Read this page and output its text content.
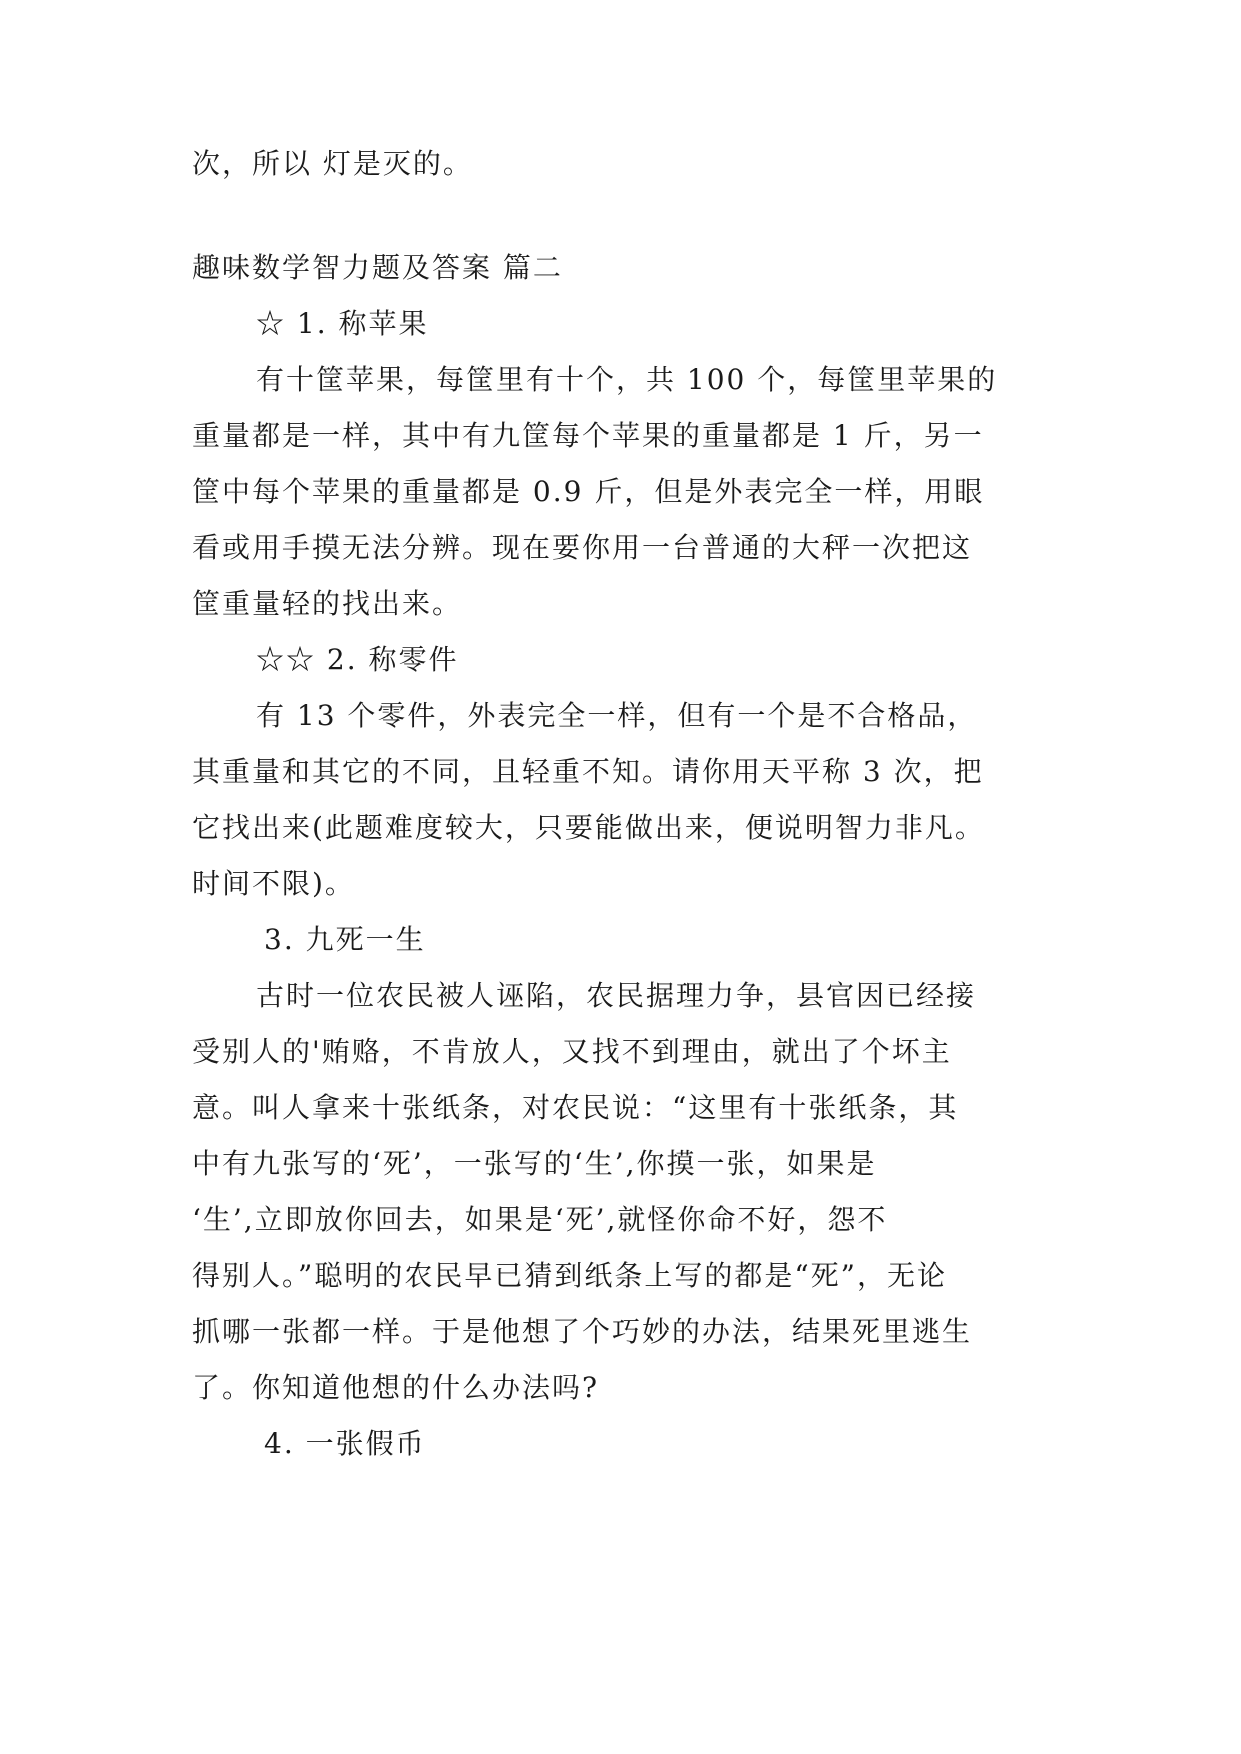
次，所以 灯是灭的。
趣味数学智力题及答案 篇二
☆ 1. 称苹果
有十筐苹果，每筐里有十个，共 100 个，每筐里苹果的
重量都是一样，其中有九筐每个苹果的重量都是 1 斤，另一
筐中每个苹果的重量都是 0.9 斤，但是外表完全一样，用眼
看或用手摸无法分辨。现在要你用一台普通的大秤一次把这
筐重量轻的找出来。
☆☆ 2. 称零件
有 13 个零件，外表完全一样，但有一个是不合格品，
其重量和其它的不同，且轻重不知。请你用天平称 3 次，把
它找出来(此题难度较大，只要能做出来，便说明智力非凡。
时间不限)。
3. 九死一生
古时一位农民被人诬陷，农民据理力争，县官因已经接
受别人的'贿赂，不肯放人，又找不到理由，就出了个坏主
意。叫人拿来十张纸条，对农民说：“这里有十张纸条，其
中有九张写的‘死’，一张写的‘生’,你摸一张，如果是
‘生’,立即放你回去，如果是‘死’,就怪你命不好，怨不
得别人。”聪明的农民早已猜到纸条上写的都是“死”，无论
抓哪一张都一样。于是他想了个巧妙的办法，结果死里逃生
了。你知道他想的什么办法吗?
4. 一张假币
